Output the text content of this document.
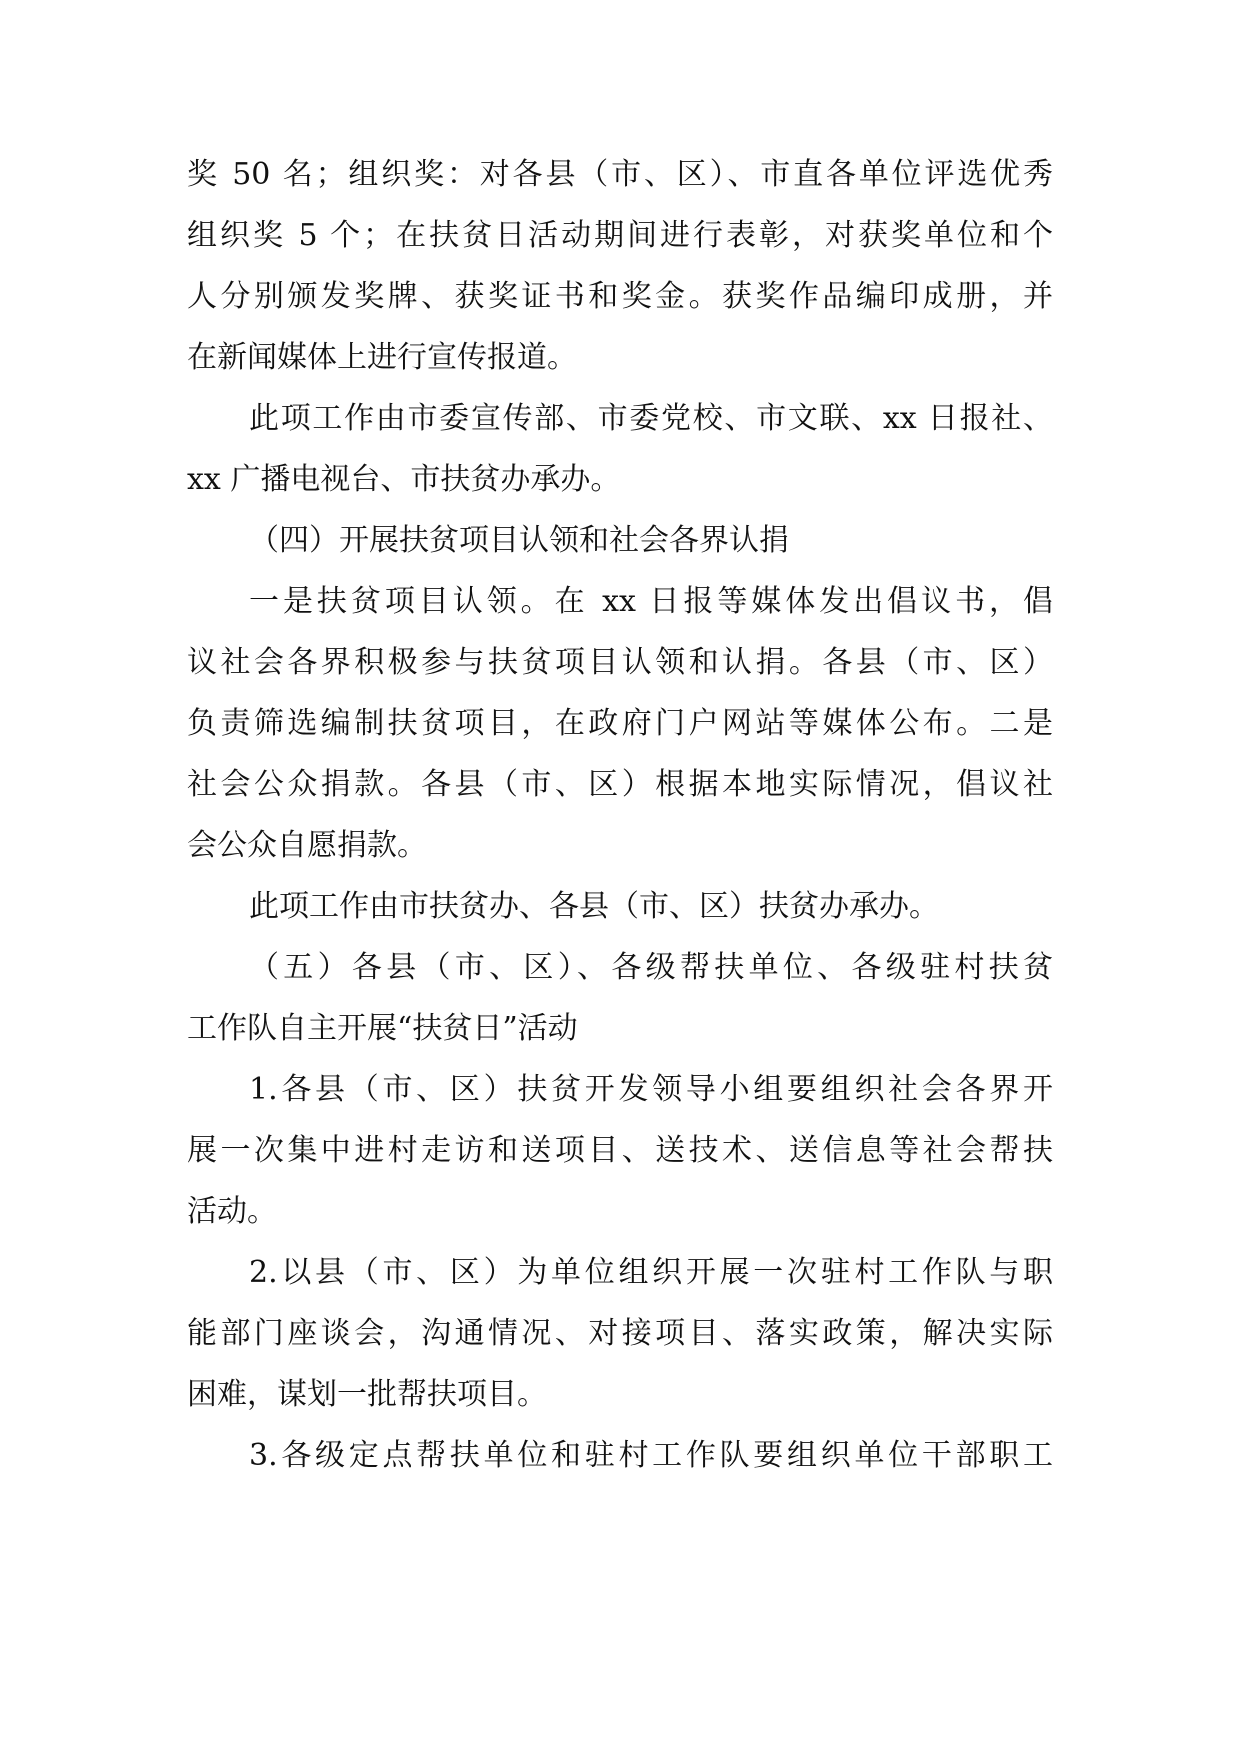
奖 50 名；组织奖：对各县（市、区）、市直各单位评选优秀
组织奖 5 个；在扶贫日活动期间进行表彰，对获奖单位和个
人分别颁发奖牌、获奖证书和奖金。获奖作品编印成册，并
在新闻媒体上进行宣传报道。
此项工作由市委宣传部、市委党校、市文联、xx 日报社、
xx 广播电视台、市扶贫办承办。
（四）开展扶贫项目认领和社会各界认捐
一是扶贫项目认领。在 xx 日报等媒体发出倡议书，倡
议社会各界积极参与扶贫项目认领和认捐。各县（市、区）
负责筛选编制扶贫项目，在政府门户网站等媒体公布。二是
社会公众捐款。各县（市、区）根据本地实际情况，倡议社
会公众自愿捐款。
此项工作由市扶贫办、各县（市、区）扶贫办承办。
（五）各县（市、区）、各级帮扶单位、各级驻村扶贫
工作队自主开展“扶贫日”活动
1.各县（市、区）扶贫开发领导小组要组织社会各界开
展一次集中进村走访和送项目、送技术、送信息等社会帮扶
活动。
2.以县（市、区）为单位组织开展一次驻村工作队与职
能部门座谈会，沟通情况、对接项目、落实政策，解决实际
困难，谋划一批帮扶项目。
3.各级定点帮扶单位和驻村工作队要组织单位干部职工
